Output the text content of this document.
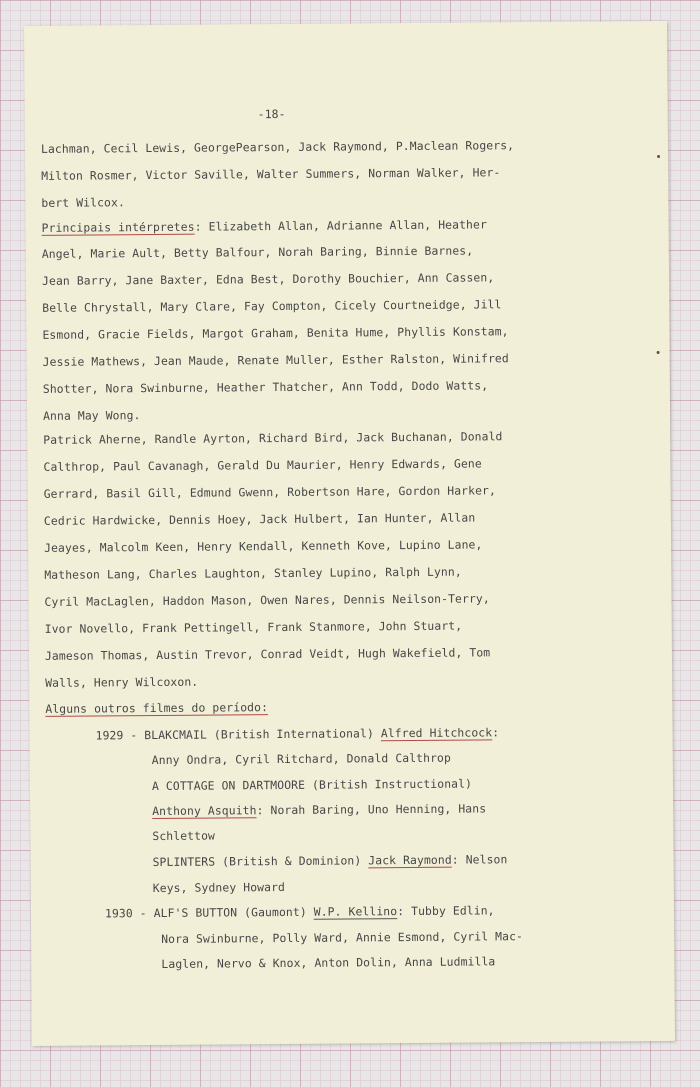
-18-
Lachman, Cecil Lewis, GeorgePearson, Jack Raymond, P.Maclean Rogers,
Milton Rosmer, Victor Saville, Walter Summers, Norman Walker, Her-
bert Wilcox.
Principais intérpretes: Elizabeth Allan, Adrianne Allan, Heather
Angel, Marie Ault, Betty Balfour, Norah Baring, Binnie Barnes,
Jean Barry, Jane Baxter, Edna Best, Dorothy Bouchier, Ann Cassen,
Belle Chrystall, Mary Clare, Fay Compton, Cicely Courtneidge, Jill
Esmond, Gracie Fields, Margot Graham, Benita Hume, Phyllis Konstam,
Jessie Mathews, Jean Maude, Renate Muller, Esther Ralston, Winifred
Shotter, Nora Swinburne, Heather Thatcher, Ann Todd, Dodo Watts,
Anna May Wong.
Patrick Aherne, Randle Ayrton, Richard Bird, Jack Buchanan, Donald
Calthrop, Paul Cavanagh, Gerald Du Maurier, Henry Edwards, Gene
Gerrard, Basil Gill, Edmund Gwenn, Robertson Hare, Gordon Harker,
Cedric Hardwicke, Dennis Hoey, Jack Hulbert, Ian Hunter, Allan
Jeayes, Malcolm Keen, Henry Kendall, Kenneth Kove, Lupino Lane,
Matheson Lang, Charles Laughton, Stanley Lupino, Ralph Lynn,
Cyril MacLaglen, Haddon Mason, Owen Nares, Dennis Neilson-Terry,
Ivor Novello, Frank Pettingell, Frank Stanmore, John Stuart,
Jameson Thomas, Austin Trevor, Conrad Veidt, Hugh Wakefield, Tom
Walls, Henry Wilcoxon.
Alguns outros filmes do período:
1929 - BLAKCMAIL (British International) Alfred Hitchcock:
Anny Ondra, Cyril Ritchard, Donald Calthrop
A COTTAGE ON DARTMOORE (British Instructional)
Anthony Asquith: Norah Baring, Uno Henning, Hans
Schlettow
SPLINTERS (British & Dominion) Jack Raymond: Nelson
Keys, Sydney Howard
1930 - ALF'S BUTTON (Gaumont) W.P. Kellino: Tubby Edlin,
Nora Swinburne, Polly Ward, Annie Esmond, Cyril Mac-
Laglen, Nervo & Knox, Anton Dolin, Anna Ludmilla
